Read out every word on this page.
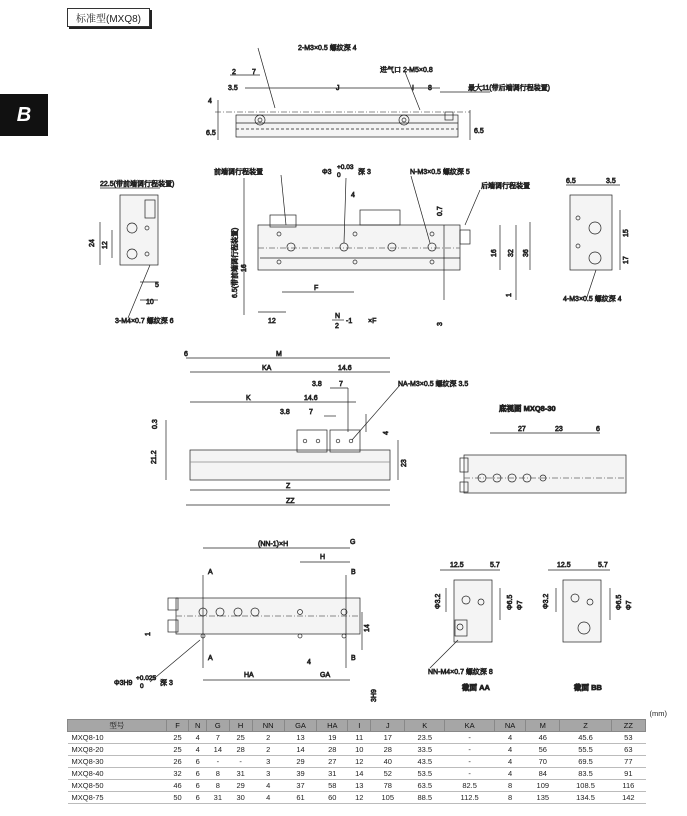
标准型(MXQ8)
B
2-M3×0.5 螺纹深 4
进气口 2-M5×0.8
最大11(带后端调行程装置)
2 7
3.5	J	I 8
4
6.5	6.5
22.5(带前端调行程装置)
24 12
5
10
3-M4×0.7 螺纹深 6
前端调行程装置	Φ3
+0.03
0 深 3	N-M3×0.5 螺纹深 5
后端调行程装置
4
0.7
16 32 36
1
6.5(带前端调行程装置) 16
F
12
N
2
-1 ×F	3
6.5	3.5
15
17
4-M3×0.5 螺纹深 4
6	M
KA	14.6
3.8 7	NA-M3×0.5 螺纹深 3.5
K	14.6
3.8	7
4
0.3
21.2	23
Z
ZZ
底视图 MXQ8-30
27	23	6
(NN-1)×H
H
G
A	B
A	B
4
HA	GA
14
1
Φ3H9
+0.025
0 深 3
3H9
12.5	5.7
Φ3.2	Φ6.5 Φ7
NN-M4×0.7 螺纹深 8
截面 AA
12.5	5.7
Φ3.2	Φ6.5 Φ7
截面 BB
(mm)
型号	F	N	G	H	NN	GA	HA	I	J	K	KA	NA	M	Z	ZZ
MXQ8-10	25	4	7	25	2	13	19	11	17	23.5	-	4	46	45.6	53
MXQ8-20	25	4	14	28	2	14	28	10	28	33.5	-	4	56	55.5	63
MXQ8-30	26	6	-	-	3	29	27	12	40	43.5	-	4	70	69.5	77
MXQ8-40	32	6	8	31	3	39	31	14	52	53.5	-	4	84	83.5	91
MXQ8-50	46	6	8	29	4	37	58	13	78	63.5	82.5	8	109	108.5	116
MXQ8-75	50	6	31	30	4	61	60	12	105	88.5	112.5	8	135	134.5	142
